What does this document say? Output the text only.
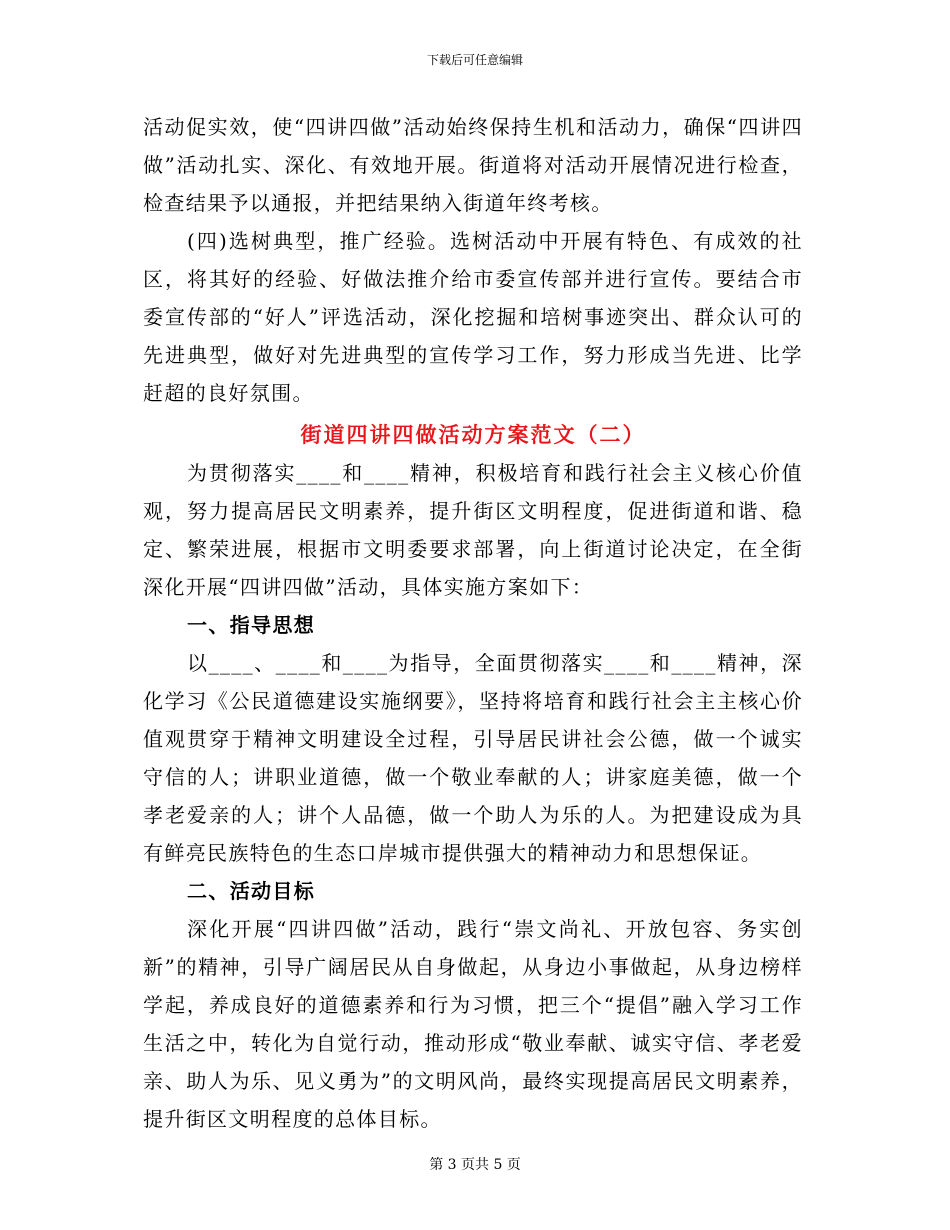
下载后可任意编辑

活动促实效，使“四讲四做”活动始终保持生机和活动力，确保“四讲四做”活动扎实、深化、有效地开展。街道将对活动开展情况进行检查，检查结果予以通报，并把结果纳入街道年终考核。

(四)选树典型，推广经验。选树活动中开展有特色、有成效的社区，将其好的经验、好做法推介给市委宣传部并进行宣传。要结合市委宣传部的“好人”评选活动，深化挖掘和培树事迹突出、群众认可的先进典型，做好对先进典型的宣传学习工作，努力形成当先进、比学赶超的良好氛围。

街道四讲四做活动方案范文（二）

为贯彻落实____和____精神，积极培育和践行社会主义核心价值观，努力提高居民文明素养，提升街区文明程度，促进街道和谐、稳定、繁荣进展，根据市文明委要求部署，向上街道讨论决定，在全街深化开展“四讲四做”活动，具体实施方案如下：

一、指导思想

以____、____和____为指导，全面贯彻落实____和____精神，深化学习《公民道德建设实施纲要》，坚持将培育和践行社会主主核心价值观贯穿于精神文明建设全过程，引导居民讲社会公德，做一个诚实守信的人；讲职业道德，做一个敬业奉献的人；讲家庭美德，做一个孝老爱亲的人；讲个人品德，做一个助人为乐的人。为把建设成为具有鲜亮民族特色的生态口岸城市提供强大的精神动力和思想保证。

二、活动目标

深化开展“四讲四做”活动，践行“崇文尚礼、开放包容、务实创新”的精神，引导广阔居民从自身做起，从身边小事做起，从身边榜样学起，养成良好的道德素养和行为习惯，把三个“提倡”融入学习工作生活之中，转化为自觉行动，推动形成“敬业奉献、诚实守信、孝老爱亲、助人为乐、见义勇为”的文明风尚，最终实现提高居民文明素养，提升街区文明程度的总体目标。

第 3 页共 5 页
